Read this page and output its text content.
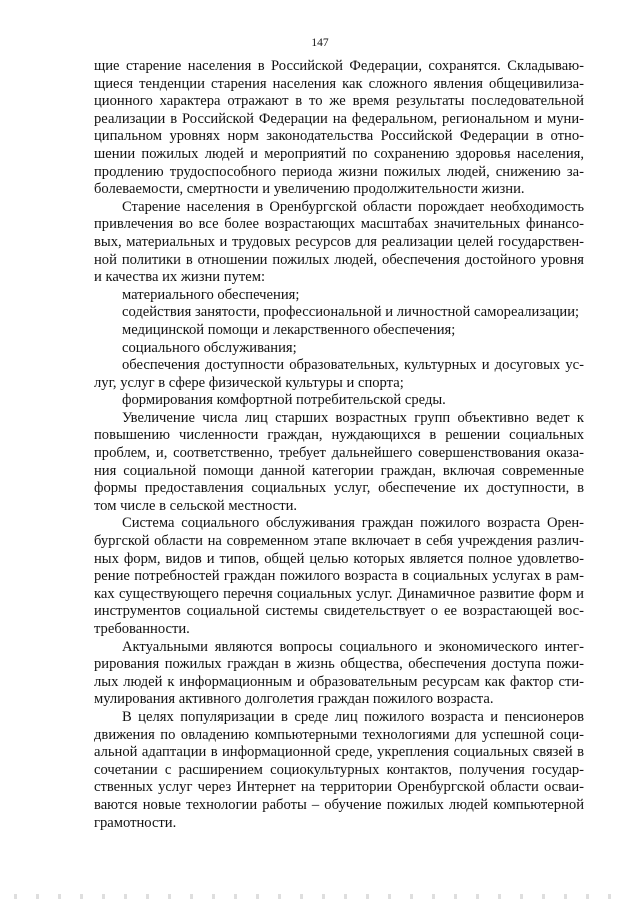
147
щие старение населения в Российской Федерации, сохранятся. Складываю-
щиеся тенденции старения населения как сложного явления общецивилиза-
ционного характера отражают в то же время результаты последовательной
реализации в Российской Федерации на федеральном, региональном и муни-
ципальном уровнях норм законодательства Российской Федерации в отно-
шении пожилых людей и мероприятий по сохранению здоровья населения,
продлению трудоспособного периода жизни пожилых людей, снижению за-
болеваемости, смертности и увеличению продолжительности жизни.
Старение населения в Оренбургской области порождает необходимость
привлечения во все более возрастающих масштабах значительных финансо-
вых, материальных и трудовых ресурсов для реализации целей государствен-
ной политики в отношении пожилых людей, обеспечения достойного уровня
и качества их жизни путем:
материального обеспечения;
содействия занятости, профессиональной и личностной самореализации;
медицинской помощи и лекарственного обеспечения;
социального обслуживания;
обеспечения доступности образовательных, культурных и досуговых ус-
луг, услуг в сфере физической культуры и спорта;
формирования комфортной потребительской среды.
Увеличение числа лиц старших возрастных групп объективно ведет к
повышению численности граждан, нуждающихся в решении социальных
проблем, и, соответственно, требует дальнейшего совершенствования оказа-
ния социальной помощи данной категории граждан, включая современные
формы предоставления социальных услуг, обеспечение их доступности, в
том числе в сельской местности.
Система социального обслуживания граждан пожилого возраста Орен-
бургской области на современном этапе включает в себя учреждения различ-
ных форм, видов и типов, общей целью которых является полное удовлетво-
рение потребностей граждан пожилого возраста в социальных услугах в рам-
ках существующего перечня социальных услуг. Динамичное развитие форм и
инструментов социальной системы свидетельствует о ее возрастающей вос-
требованности.
Актуальными являются вопросы социального и экономического интег-
рирования пожилых граждан в жизнь общества, обеспечения доступа пожи-
лых людей к информационным и образовательным ресурсам как фактор сти-
мулирования активного долголетия граждан пожилого возраста.
В целях популяризации в среде лиц пожилого возраста и пенсионеров
движения по овладению компьютерными технологиями для успешной соци-
альной адаптации в информационной среде, укрепления социальных связей в
сочетании с расширением социокультурных контактов, получения государ-
ственных услуг через Интернет на территории Оренбургской области осваи-
ваются новые технологии работы – обучение пожилых людей компьютерной
грамотности.
